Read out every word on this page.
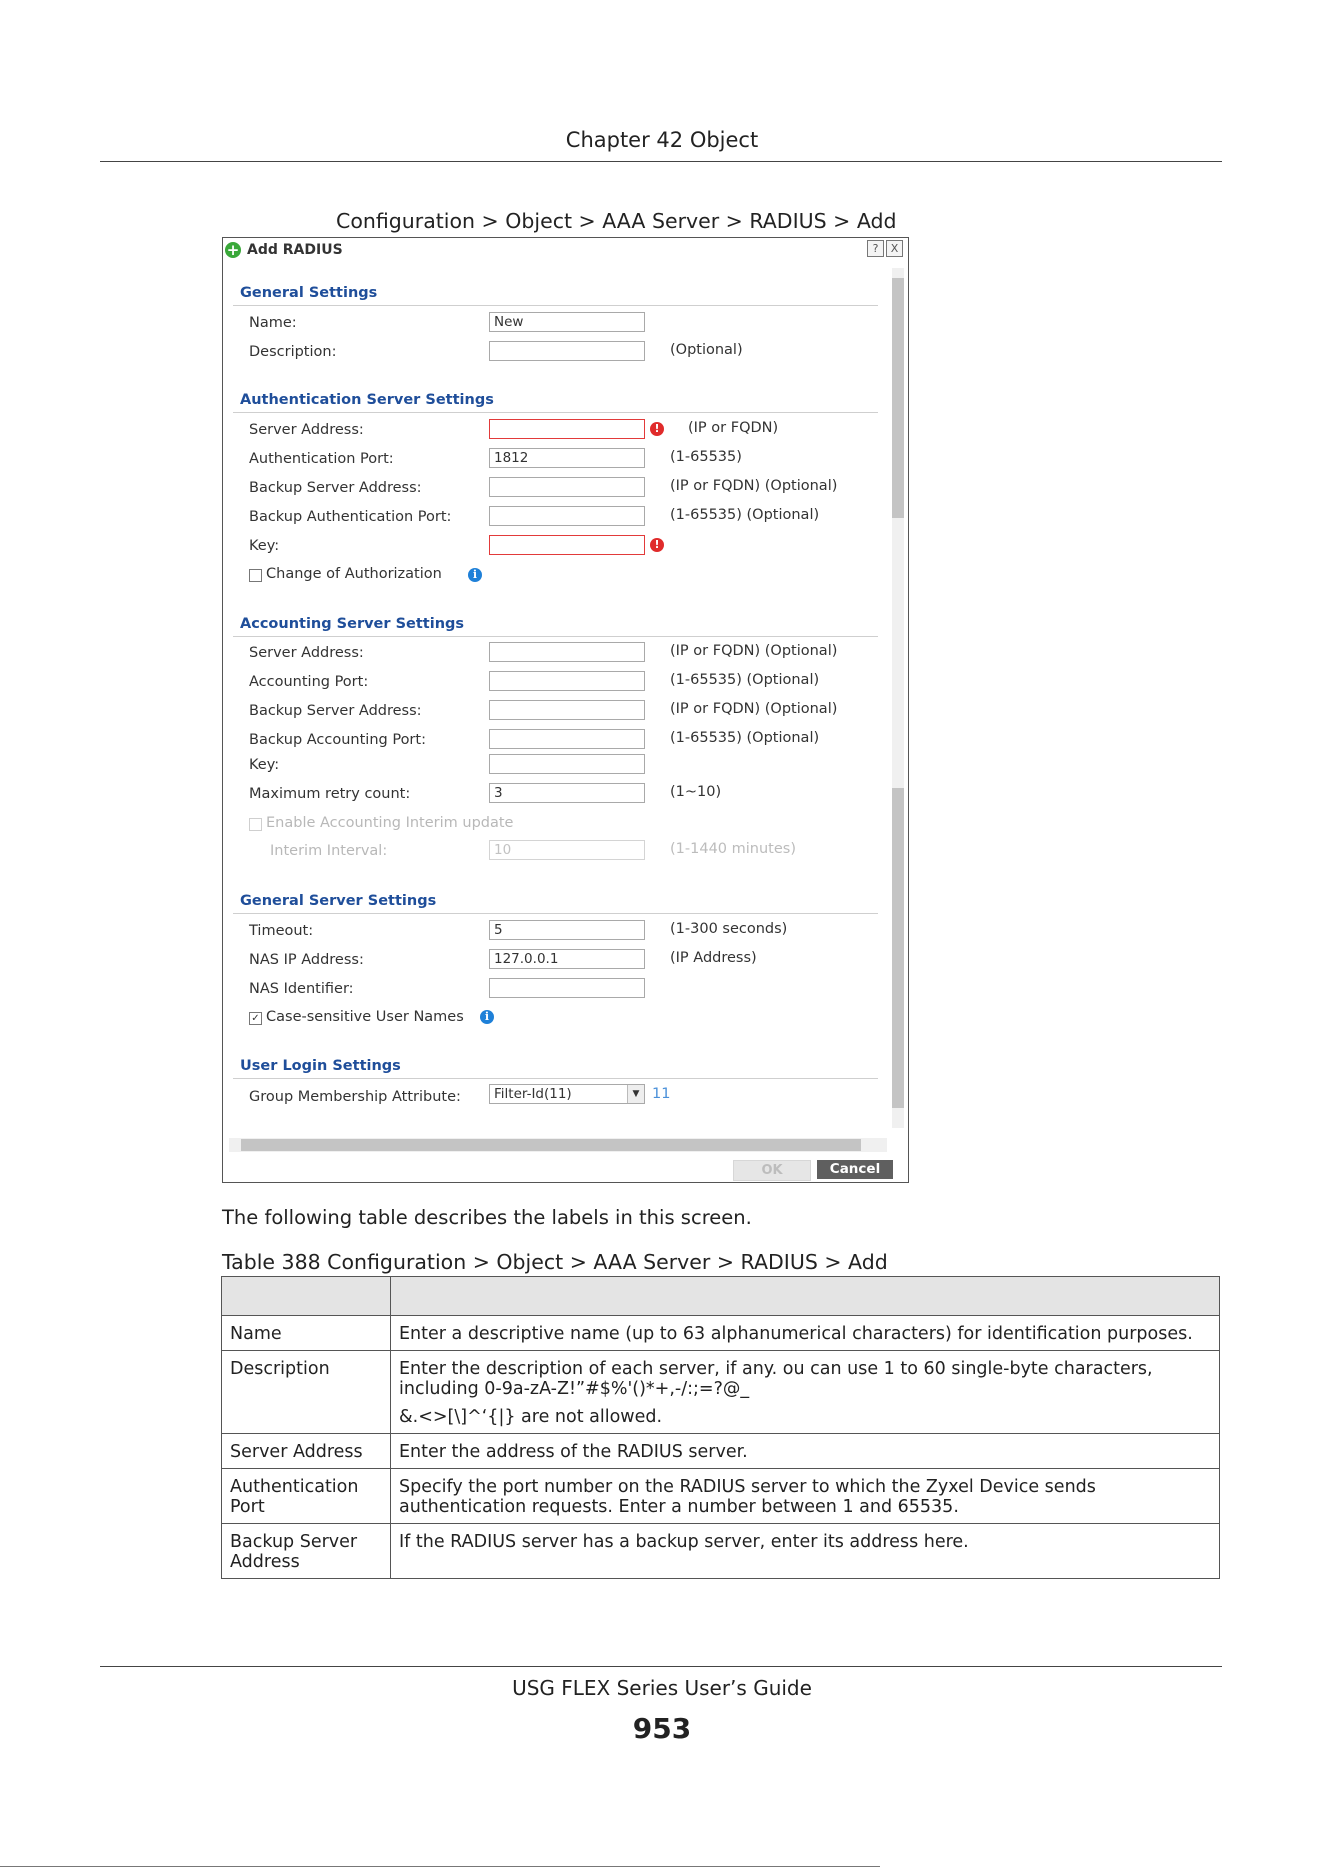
Chapter 42 Object
Configuration > Object > AAA Server > RADIUS > Add
+ Add RADIUS	?	X
General Settings
Name:	New
Description:	(Optional)
Authentication Server Settings
Server Address:	!	(IP or FQDN)
Authentication Port:	1812	(1-65535)
Backup Server Address:	(IP or FQDN) (Optional)
Backup Authentication Port:	(1-65535) (Optional)
Key:	!
Change of Authorization	i
Accounting Server Settings
Server Address:	(IP or FQDN) (Optional)
Accounting Port:	(1-65535) (Optional)
Backup Server Address:	(IP or FQDN) (Optional)
Backup Accounting Port:	(1-65535) (Optional)
Key:
Maximum retry count:	3	(1~10)
Enable Accounting Interim update
Interim Interval:	10	(1-1440 minutes)
General Server Settings
Timeout:	5	(1-300 seconds)
NAS IP Address:	127.0.0.1	(IP Address)
NAS Identifier:
✓ Case-sensitive User Names	i
User Login Settings
Group Membership Attribute:	Filter-Id(11)	▼ 11
OK	Cancel
The following table describes the labels in this screen.
Table 388 Configuration > Object > AAA Server > RADIUS > Add

Name	Enter a descriptive name (up to 63 alphanumerical characters) for identification purposes.
Description	Enter the description of each server, if any. ou can use 1 to 60 single-byte characters, including 0-9a-zA-Z!”#$%'()*+,-/:;=?@_
&.<>[\]^‘{|} are not allowed.

Server Address	Enter the address of the RADIUS server.
Authentication Port	Specify the port number on the RADIUS server to which the Zyxel Device sends authentication requests. Enter a number between 1 and 65535.
Backup Server Address	If the RADIUS server has a backup server, enter its address here.
USG FLEX Series User’s Guide
953
